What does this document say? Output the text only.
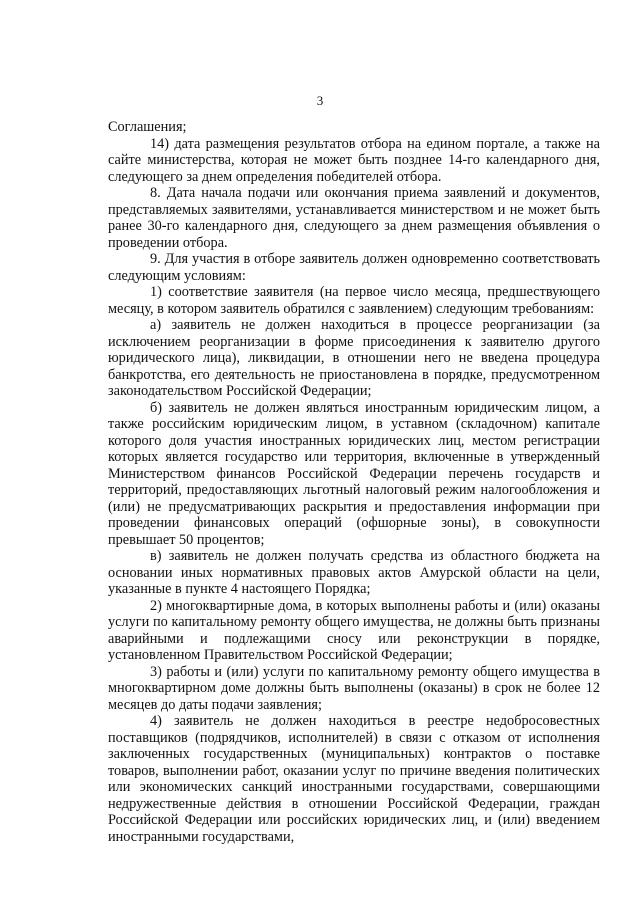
3

Соглашения;

14) дата размещения результатов отбора на едином портале, а также на сайте министерства, которая не может быть позднее 14-го календарного дня, следующего за днем определения победителей отбора.

8. Дата начала подачи или окончания приема заявлений и документов, представляемых заявителями, устанавливается министерством и не может быть ранее 30-го календарного дня, следующего за днем размещения объявления о проведении отбора.

9. Для участия в отборе заявитель должен одновременно соответствовать следующим условиям:

1) соответствие заявителя (на первое число месяца, предшествующего месяцу, в котором заявитель обратился с заявлением) следующим требованиям:

а) заявитель не должен находиться в процессе реорганизации (за исключением реорганизации в форме присоединения к заявителю другого юридического лица), ликвидации, в отношении него не введена процедура банкротства, его деятельность не приостановлена в порядке, предусмотренном законодательством Российской Федерации;

б) заявитель не должен являться иностранным юридическим лицом, а также российским юридическим лицом, в уставном (складочном) капитале которого доля участия иностранных юридических лиц, местом регистрации которых является государство или территория, включенные в утвержденный Министерством финансов Российской Федерации перечень государств и территорий, предоставляющих льготный налоговый режим налогообложения и (или) не предусматривающих раскрытия и предоставления информации при проведении финансовых операций (офшорные зоны), в совокупности превышает 50 процентов;

в) заявитель не должен получать средства из областного бюджета на основании иных нормативных правовых актов Амурской области на цели, указанные в пункте 4 настоящего Порядка;

2) многоквартирные дома, в которых выполнены работы и (или) оказаны услуги по капитальному ремонту общего имущества, не должны быть признаны аварийными и подлежащими сносу или реконструкции в порядке, установленном Правительством Российской Федерации;

3) работы и (или) услуги по капитальному ремонту общего имущества в многоквартирном доме должны быть выполнены (оказаны) в срок не более 12 месяцев до даты подачи заявления;

4) заявитель не должен находиться в реестре недобросовестных поставщиков (подрядчиков, исполнителей) в связи с отказом от исполнения заключенных государственных (муниципальных) контрактов о поставке товаров, выполнении работ, оказании услуг по причине введения политических или экономических санкций иностранными государствами, совершающими недружественные действия в отношении Российской Федерации, граждан Российской Федерации или российских юридических лиц, и (или) введением иностранными государствами,
